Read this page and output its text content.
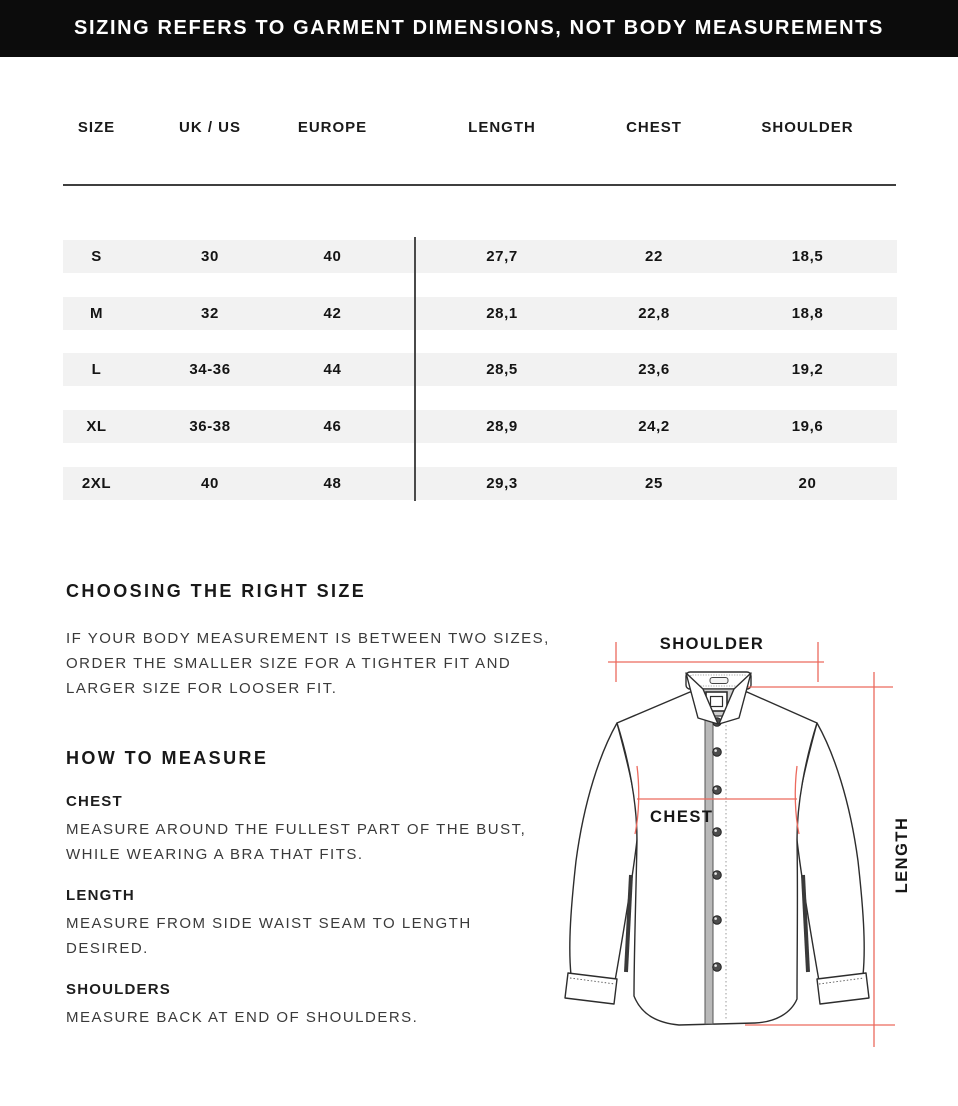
SIZING REFERS TO GARMENT DIMENSIONS, NOT BODY MEASUREMENTS
SIZE	UK / US	EUROPE	LENGTH	CHEST	SHOULDER
S	30	40	27,7	22	18,5
M	32	42	28,1	22,8	18,8
L	34-36	44	28,5	23,6	19,2
XL	36-38	46	28,9	24,2	19,6
2XL	40	48	29,3	25	20
CHOOSING THE RIGHT SIZE
IF YOUR BODY MEASUREMENT IS BETWEEN TWO SIZES,
ORDER THE SMALLER SIZE FOR A TIGHTER FIT AND
LARGER SIZE FOR LOOSER FIT.
HOW TO MEASURE
CHEST
MEASURE AROUND THE FULLEST PART OF THE BUST,
WHILE WEARING A BRA THAT FITS.
LENGTH
MEASURE FROM SIDE WAIST SEAM TO LENGTH
DESIRED.
SHOULDERS
MEASURE BACK AT END OF SHOULDERS.
SHOULDER
CHEST	LENGTH
